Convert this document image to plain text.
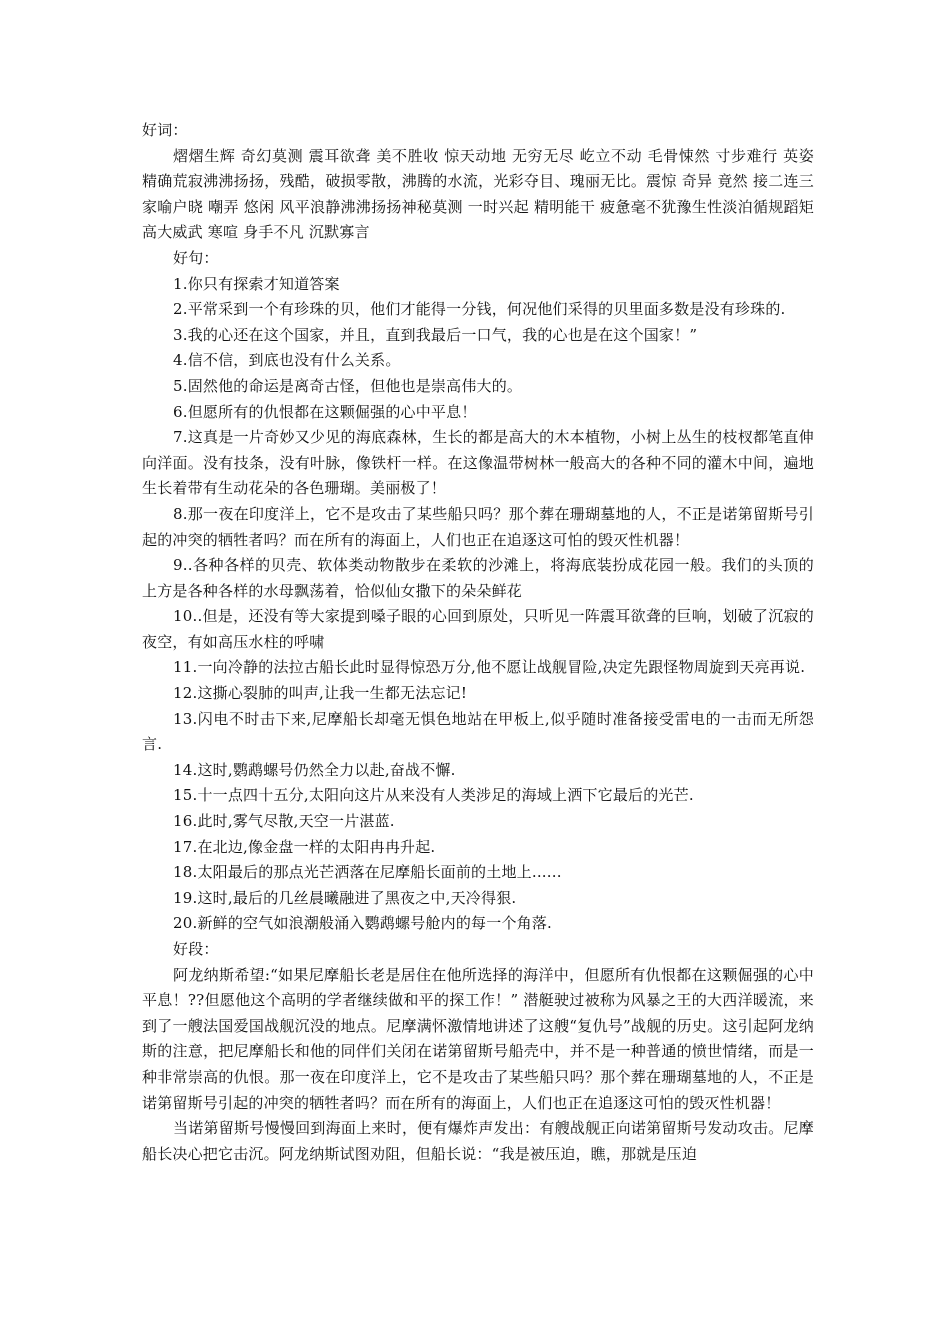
好词：

熠熠生辉 奇幻莫测 震耳欲聋 美不胜收 惊天动地 无穷无尽 屹立不动 毛骨悚然 寸步难行 英姿 精确荒寂沸沸扬扬，残酷，破损零散，沸腾的水流，光彩夺目、瑰丽无比。震惊 奇异 竟然 接二连三 家喻户晓 嘲弄 悠闲 风平浪静沸沸扬扬神秘莫测 一时兴起 精明能干 疲惫毫不犹豫生性淡泊循规蹈矩 高大威武 寒喧 身手不凡 沉默寡言

好句：

1.你只有探索才知道答案

2.平常采到一个有珍珠的贝，他们才能得一分钱，何况他们采得的贝里面多数是没有珍珠的.

3.我的心还在这个国家，并且，直到我最后一口气，我的心也是在这个国家！”

4.信不信，到底也没有什么关系。

5.固然他的命运是离奇古怪，但他也是崇高伟大的。

6.但愿所有的仇恨都在这颗倔强的心中平息！

7.这真是一片奇妙又少见的海底森林，生长的都是高大的木本植物，小树上丛生的枝杈都笔直伸向洋面。没有技条，没有叶脉，像铁杆一样。在这像温带树林一般高大的各种不同的灌木中间，遍地生长着带有生动花朵的各色珊瑚。美丽极了！

8.那一夜在印度洋上，它不是攻击了某些船只吗？那个葬在珊瑚墓地的人，不正是诺第留斯号引起的冲突的牺牲者吗？而在所有的海面上，人们也正在追逐这可怕的毁灭性机器！

9..各种各样的贝壳、软体类动物散步在柔软的沙滩上，将海底装扮成花园一般。我们的头顶的上方是各种各样的水母飘荡着，恰似仙女撒下的朵朵鲜花

10..但是，还没有等大家提到嗓子眼的心回到原处，只听见一阵震耳欲聋的巨响，划破了沉寂的夜空，有如高压水柱的呼啸

11.一向冷静的法拉古船长此时显得惊恐万分,他不愿让战舰冒险,决定先跟怪物周旋到天亮再说.

12.这撕心裂肺的叫声,让我一生都无法忘记!

13.闪电不时击下来,尼摩船长却毫无惧色地站在甲板上,似乎随时准备接受雷电的一击而无所怨言.

14.这时,鹦鹉螺号仍然全力以赴,奋战不懈.

15.十一点四十五分,太阳向这片从来没有人类涉足的海域上洒下它最后的光芒.

16.此时,雾气尽散,天空一片湛蓝.

17.在北边,像金盘一样的太阳冉冉升起.

18.太阳最后的那点光芒洒落在尼摩船长面前的土地上......

19.这时,最后的几丝晨曦融进了黑夜之中,天冷得狠.

20.新鲜的空气如浪潮般涌入鹦鹉螺号舱内的每一个角落.

好段：

阿龙纳斯希望:“如果尼摩船长老是居住在他所选择的海洋中，但愿所有仇恨都在这颗倔强的心中平息！??但愿他这个高明的学者继续做和平的探工作！” 潜艇驶过被称为风暴之王的大西洋暖流，来到了一艘法国爱国战舰沉没的地点。尼摩满怀激情地讲述了这艘“复仇号”战舰的历史。这引起阿龙纳斯的注意，把尼摩船长和他的同伴们关闭在诺第留斯号船壳中，并不是一种普通的愤世情绪，而是一种非常崇高的仇恨。那一夜在印度洋上，它不是攻击了某些船只吗？那个葬在珊瑚墓地的人，不正是诺第留斯号引起的冲突的牺牲者吗？而在所有的海面上，人们也正在追逐这可怕的毁灭性机器！

当诺第留斯号慢慢回到海面上来时，便有爆炸声发出：有艘战舰正向诺第留斯号发动攻击。尼摩船长决心把它击沉。阿龙纳斯试图劝阻，但船长说：“我是被压迫，瞧，那就是压迫
